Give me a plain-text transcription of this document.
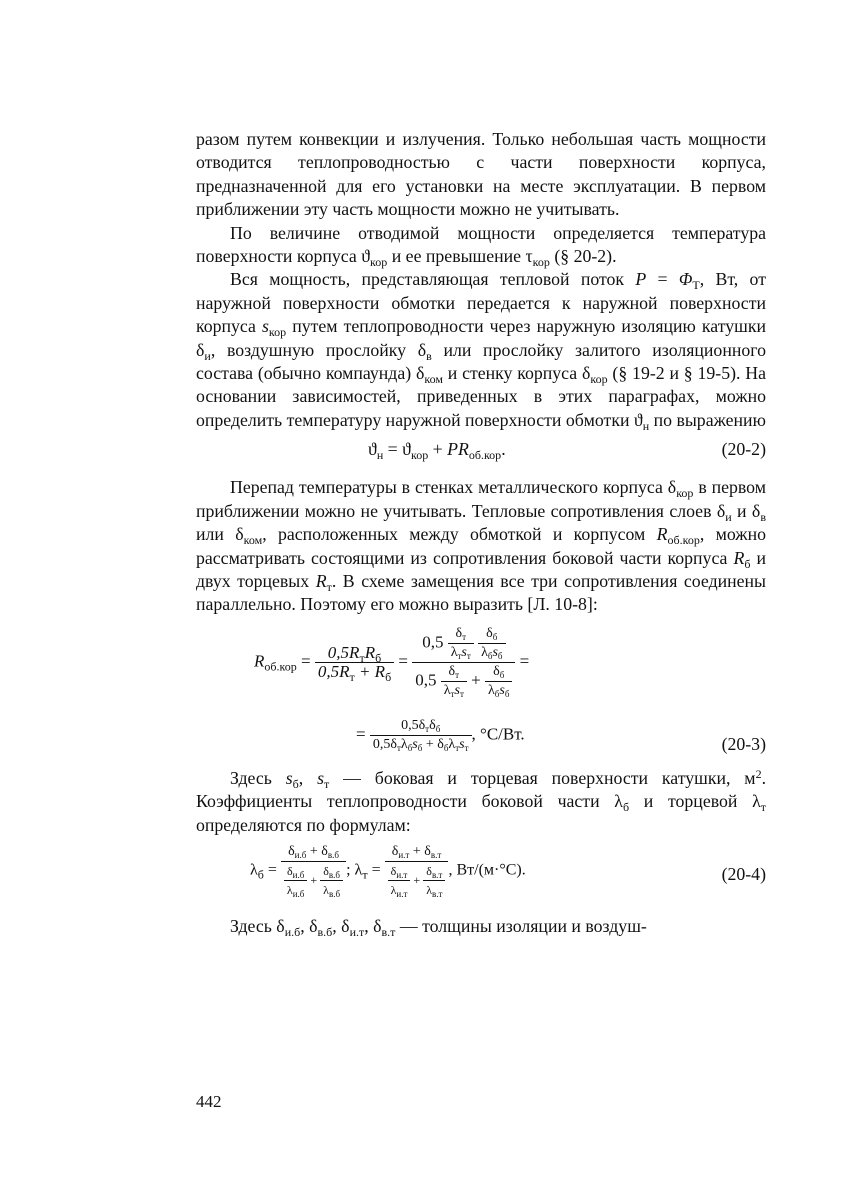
разом путем конвекции и излучения. Только небольшая часть мощности отводится теплопроводностью с части поверхности корпуса, предназначенной для его установки на месте эксплуатации. В первом приближении эту часть мощности можно не учитывать.

По величине отводимой мощности определяется температура поверхности корпуса $ϑ_{кор}$ и ее превышение $\tau_{кор}$ (§ 20-2).

Вся мощность, представляющая тепловой поток $P = \Phi_T$, Вт, от наружной поверхности обмотки передается к наружной поверхности корпуса $s_{кор}$ путем теплопроводности через наружную изоляцию катушки $\delta_и$, воздушную прослойку $\delta_в$ или прослойку залитого изоляционного состава (обычно компаунда) $\delta_{ком}$ и стенку корпуса $\delta_{кор}$ (§ 19-2 и § 19-5). На основании зависимостей, приведенных в этих параграфах, можно определить температуру наружной поверхности обмотки $ϑ_н$ по выражению

$ϑ_н = ϑ_{кор} + PR_{об.кор}$.	(20-2)

Перепад температуры в стенках металлического корпуса $\delta_{кор}$ в первом приближении можно не учитывать. Тепловые сопротивления слоев $\delta_и$ и $\delta_в$ или $\delta_{ком}$, расположенных между обмоткой и корпусом $R_{об.кор}$, можно рассматривать состоящими из сопротивления боковой части корпуса $R_б$ и двух торцевых $R_т$. В схеме замещения все три сопротивления соединены параллельно. Поэтому его можно выразить [Л. 10-8]:

$R_{об.кор} = \frac{0,5R_тR_б}{0,5R_т + R_б} = 0,5 \frac{\delta_т}{\lambda_тs_т}$
$\frac{\delta_б}{\lambda_бs_б}$
$0,5 \frac{\delta_т}{\lambda_тs_т} + \frac{\delta_б}{\lambda_бs_б}$ =
= $\frac{0,5\delta_т\delta_б}{0,5\delta_т\lambda_бs_б + \delta_б\lambda_тs_т}$ , °С/Вт.
(20-3)

Здесь $s_б$, $s_т$ — боковая и торцевая поверхности катушки, $м^2$. Коэффициенты теплопроводности боковой части $\lambda_б$ и торцевой $\lambda_т$ определяются по формулам:

$\lambda_б = \frac{\delta_{и.б} + \delta_{в.б}}{\frac{\delta_{и.б}}{\lambda_{и.б}} + \frac{\delta_{в.б}}{\lambda_{в.б}}}$ ; $\lambda_т = \frac{\delta_{и.т} + \delta_{в.т}}{\frac{\delta_{и.т}}{\lambda_{и.т}} + \frac{\delta_{в.т}}{\lambda_{в.т}}}$ , Вт/(м·°С).	(20-4)

Здесь $\delta_{и.б}$, $\delta_{в.б}$, $\delta_{и.т}$, $\delta_{в.т}$ — толщины изоляции и воздуш-

442
